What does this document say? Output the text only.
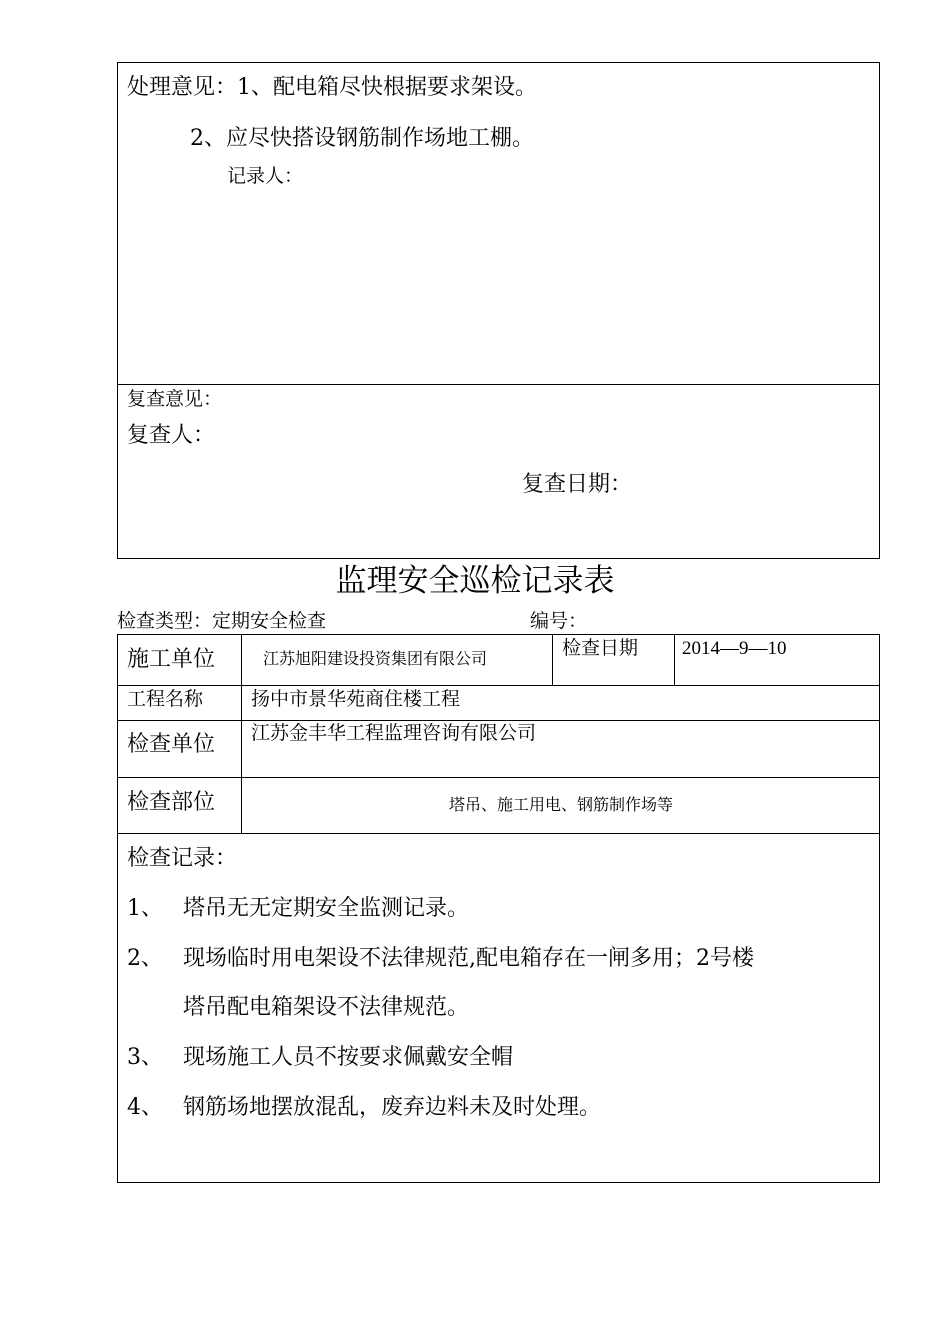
处理意见： 1、配电箱尽快根据要求架设。
2、应尽快搭设钢筋制作场地工棚。
记录人：
复查意见：
复查人：
复查日期：
监理安全巡检记录表
检查类型：定期安全检查	编号：
施工单位	江苏旭阳建设投资集团有限公司	检查日期 2014—9—10
工程名称	扬中市景华苑商住楼工程
检查单位 江苏金丰华工程监理咨询有限公司
检查部位	塔吊、施工用电、钢筋制作场等
检查记录：
1、 塔吊无无定期安全监测记录。
2、 现场临时用电架设不法律规范,配电箱存在一闸多用；2号楼
塔吊配电箱架设不法律规范。
3、 现场施工人员不按要求佩戴安全帽
4、 钢筋场地摆放混乱，废弃边料未及时处理。
